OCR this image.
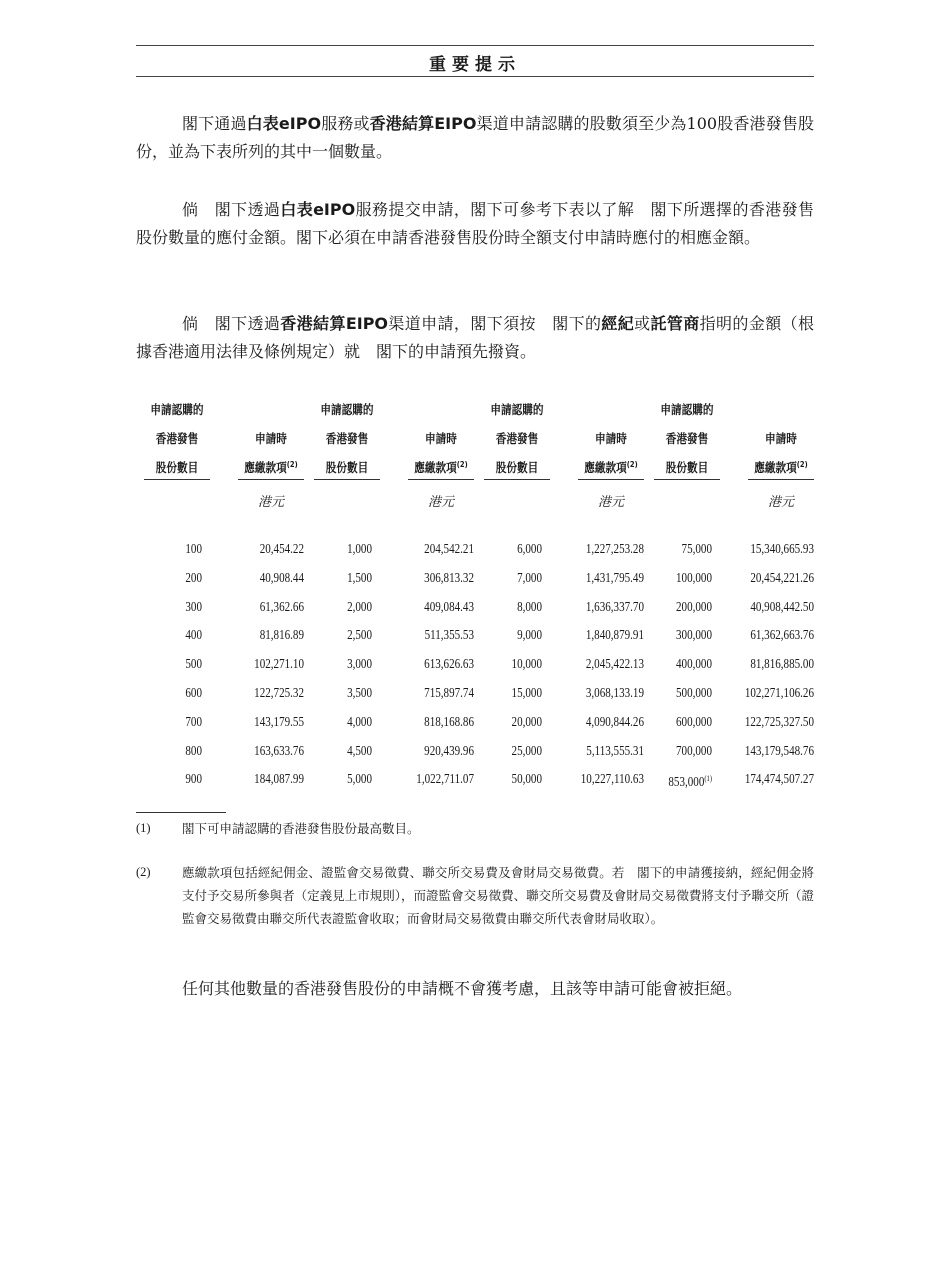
重要提示
閣下通過白表eIPO服務或香港結算EIPO渠道申請認購的股數須至少為100股香港發售股份，並為下表所列的其中一個數量。
倘　閣下透過白表eIPO服務提交申請，閣下可參考下表以了解　閣下所選擇的香港發售股份數量的應付金額。閣下必須在申請香港發售股份時全額支付申請時應付的相應金額。
倘　閣下透過香港結算EIPO渠道申請，閣下須按　閣下的經紀或託管商指明的金額（根據香港適用法律及條例規定）就　閣下的申請預先撥資。
申請認購的
香港發售
股份數目
申請時
應繳款項$^{(2)}$
港元
100
200
300
400
500
600
700
800
900
20,454.22
40,908.44
61,362.66
81,816.89
102,271.10
122,725.32
143,179.55
163,633.76
184,087.99
申請認購的
香港發售
股份數目
申請時
應繳款項$^{(2)}$
港元
1,000
1,500
2,000
2,500
3,000
3,500
4,000
4,500
5,000
204,542.21
306,813.32
409,084.43
511,355.53
613,626.63
715,897.74
818,168.86
920,439.96
1,022,711.07
申請認購的
香港發售
股份數目
申請時
應繳款項$^{(2)}$
港元
6,000
7,000
8,000
9,000
10,000
15,000
20,000
25,000
50,000
1,227,253.28
1,431,795.49
1,636,337.70
1,840,879.91
2,045,422.13
3,068,133.19
4,090,844.26
5,113,555.31
10,227,110.63
申請認購的
香港發售
股份數目
申請時
應繳款項$^{(2)}$
港元
75,000
100,000
200,000
300,000
400,000
500,000
600,000
700,000
853,000$^{(1)}$
15,340,665.93
20,454,221.26
40,908,442.50
61,362,663.76
81,816,885.00
102,271,106.26
122,725,327.50
143,179,548.76
174,474,507.27
(1)	閣下可申請認購的香港發售股份最高數目。
(2)	應繳款項包括經紀佣金、證監會交易徵費、聯交所交易費及會財局交易徵費。若　閣下的申請獲接納，經紀佣金將支付予交易所參與者（定義見上市規則），而證監會交易徵費、聯交所交易費及會財局交易徵費將支付予聯交所（證監會交易徵費由聯交所代表證監會收取；而會財局交易徵費由聯交所代表會財局收取）。
任何其他數量的香港發售股份的申請概不會獲考慮，且該等申請可能會被拒絕。
